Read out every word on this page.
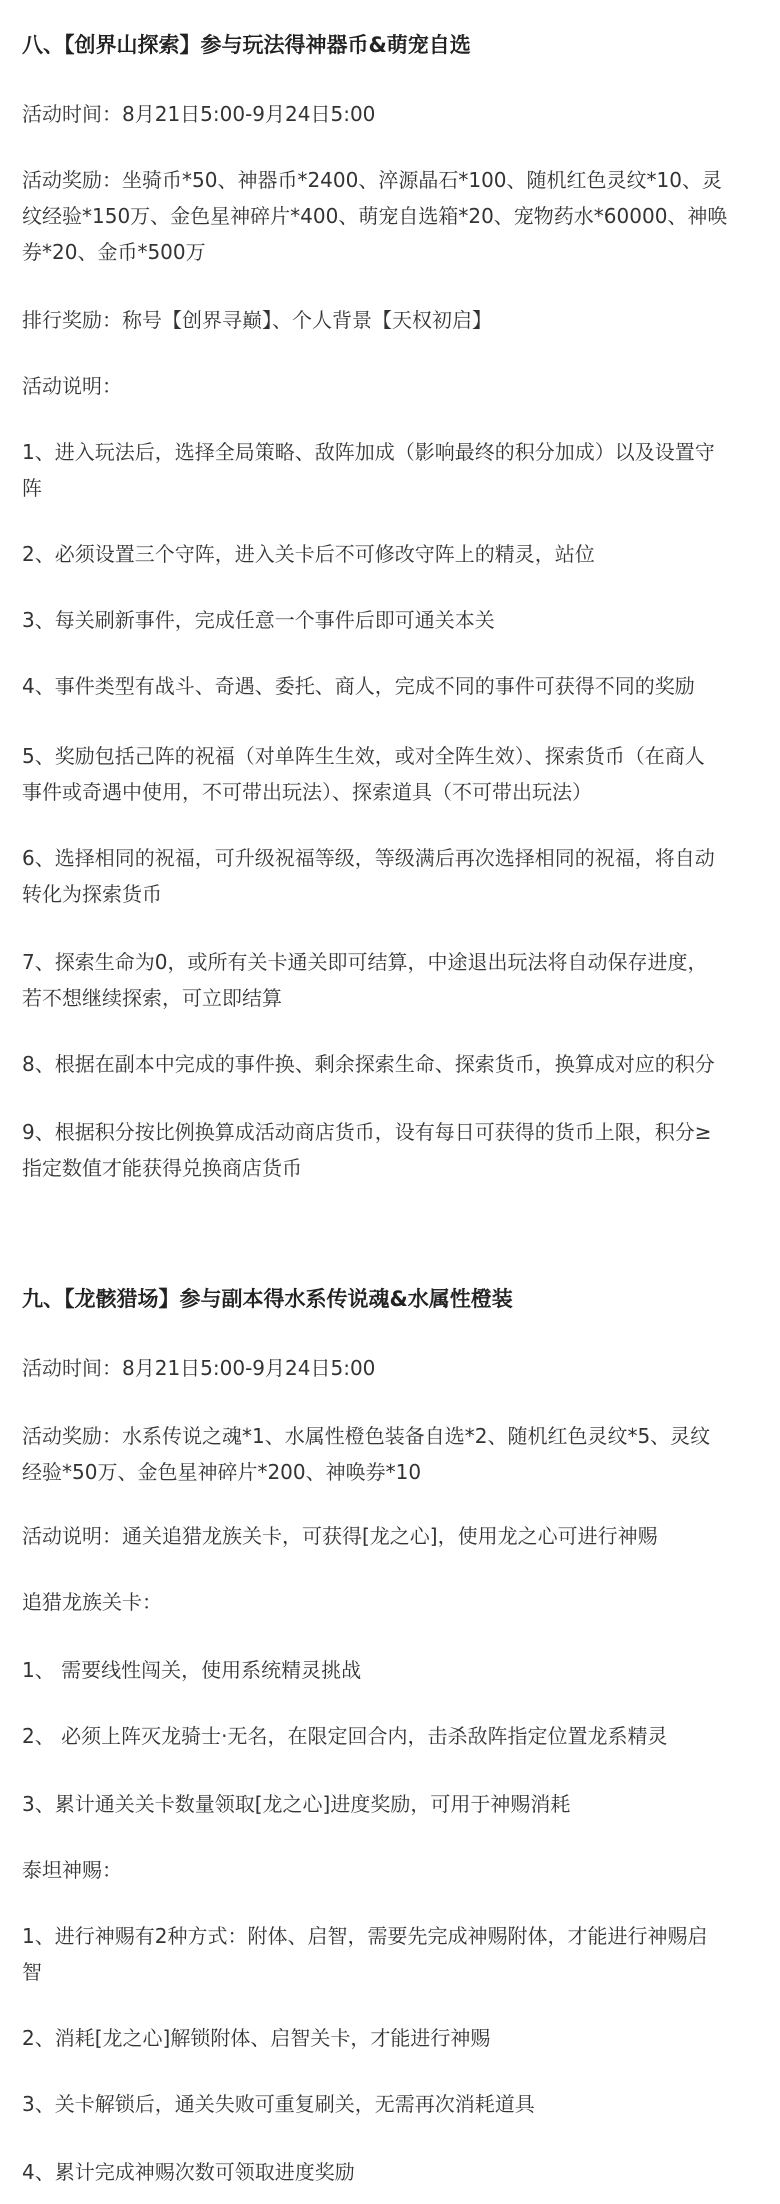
八、【创界山探索】参与玩法得神器币&萌宠自选

活动时间：8月21日5:00-9月24日5:00

活动奖励：坐骑币*50、神器币*2400、淬源晶石*100、随机红色灵纹*10、灵
纹经验*150万、金色星神碎片*400、萌宠自选箱*20、宠物药水*60000、神唤
券*20、金币*500万

排行奖励：称号【创界寻巅】、个人背景【天权初启】

活动说明：

1、进入玩法后，选择全局策略、敌阵加成（影响最终的积分加成）以及设置守
阵

2、必须设置三个守阵，进入关卡后不可修改守阵上的精灵，站位

3、每关刷新事件，完成任意一个事件后即可通关本关

4、事件类型有战斗、奇遇、委托、商人，完成不同的事件可获得不同的奖励

5、奖励包括己阵的祝福（对单阵生生效，或对全阵生效）、探索货币（在商人
事件或奇遇中使用，不可带出玩法）、探索道具（不可带出玩法）

6、选择相同的祝福，可升级祝福等级，等级满后再次选择相同的祝福，将自动
转化为探索货币

7、探索生命为0，或所有关卡通关即可结算，中途退出玩法将自动保存进度，
若不想继续探索，可立即结算

8、根据在副本中完成的事件换、剩余探索生命、探索货币，换算成对应的积分

9、根据积分按比例换算成活动商店货币，设有每日可获得的货币上限，积分≥
指定数值才能获得兑换商店货币

九、【龙骸猎场】参与副本得水系传说魂&水属性橙装

活动时间：8月21日5:00-9月24日5:00

活动奖励：水系传说之魂*1、水属性橙色装备自选*2、随机红色灵纹*5、灵纹
经验*50万、金色星神碎片*200、神唤券*10

活动说明：通关追猎龙族关卡，可获得[龙之心]，使用龙之心可进行神赐

追猎龙族关卡：

1、 需要线性闯关，使用系统精灵挑战

2、 必须上阵灭龙骑士·无名，在限定回合内，击杀敌阵指定位置龙系精灵

3、累计通关关卡数量领取[龙之心]进度奖励，可用于神赐消耗

泰坦神赐：

1、进行神赐有2种方式：附体、启智，需要先完成神赐附体，才能进行神赐启
智

2、消耗[龙之心]解锁附体、启智关卡，才能进行神赐

3、关卡解锁后，通关失败可重复刷关，无需再次消耗道具

4、累计完成神赐次数可领取进度奖励
